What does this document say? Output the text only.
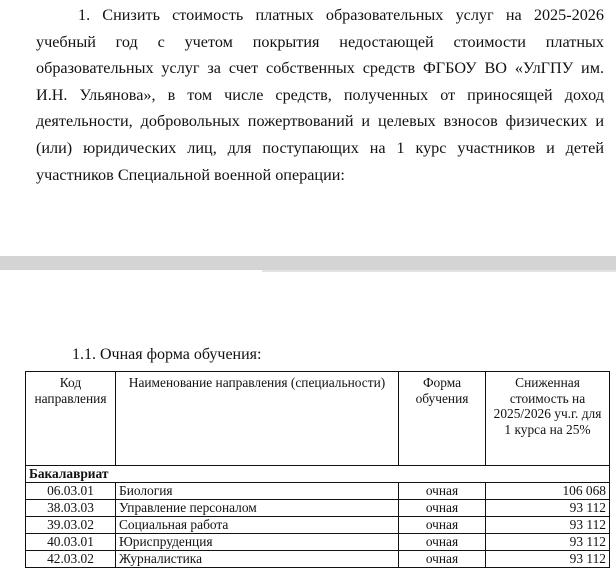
1. Снизить стоимость платных образовательных услуг на 2025-2026 учебный год с учетом покрытия недостающей стоимости платных образовательных услуг за счет собственных средств ФГБОУ ВО «УлГПУ им. И.Н. Ульянова», в том числе средств, полученных от приносящей доход деятельности, добровольных пожертвований и целевых взносов физических и (или) юридических лиц, для поступающих на 1 курс участников и детей участников Специальной военной операции:

1.1. Очная форма обучения:

Код направления	Наименование направления (специальности)	Форма обучения	Сниженная стоимость на 2025/2026 уч.г. для 1 курса на 25%
Бакалавриат			
06.03.01	Биология	очная	106 068
38.03.03	Управление персоналом	очная	93 112
39.03.02	Социальная работа	очная	93 112
40.03.01	Юриспруденция	очная	93 112
42.03.02	Журналистика	очная	93 112
